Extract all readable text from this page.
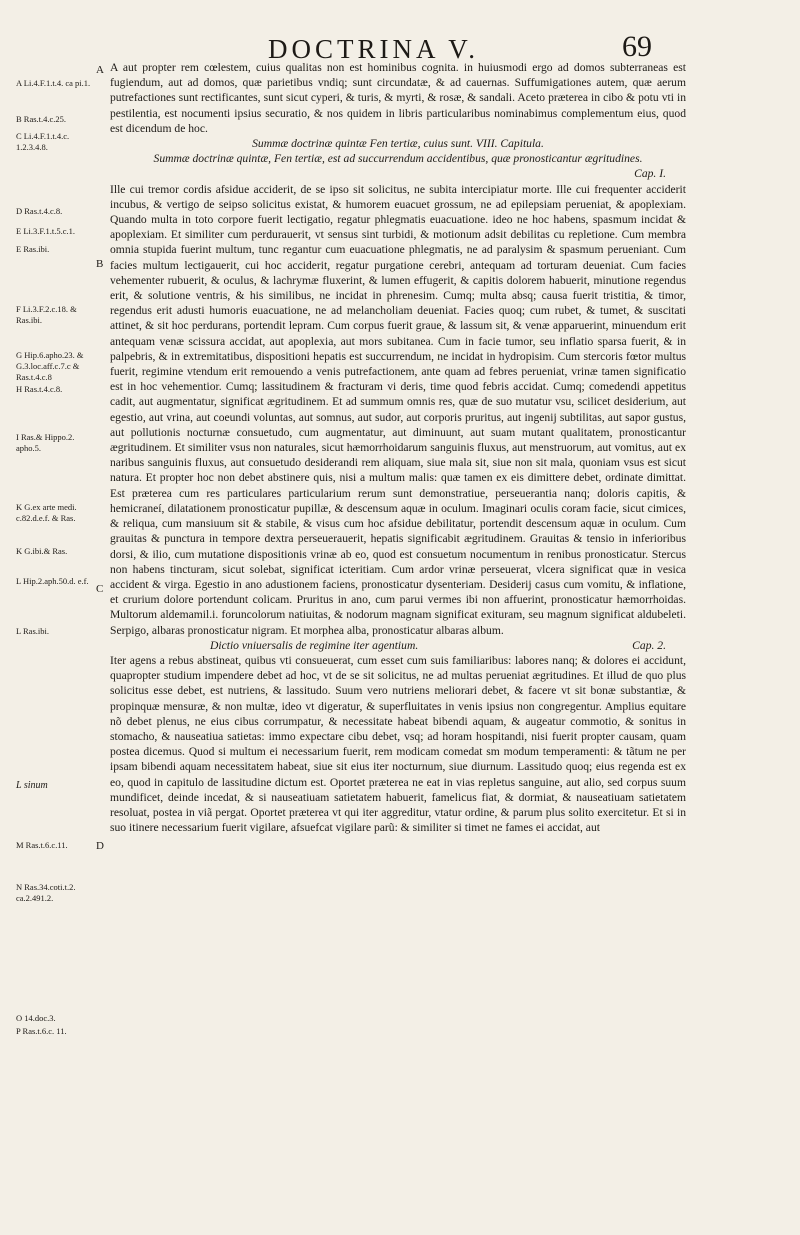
DOCTRINA V.	69
A Li.4.F.1.t.4. ca pi.1.
B Ras.t.4.c.25.
C Li.4.F.1.t.4.c. 1.2.3.4.8.
D Ras.t.4.c.8.
E Li.3.F.1.t.5.c.1.
E Ras.ibi.
F Li.3.F.2.c.18. & Ras.ibi.
G Hip.6.apho.23. & G.3.loc.aff.c.7.c & Ras.t.4.c.8
H Ras.t.4.c.8.
I Ras.& Hippo.2. apho.5.
K G.ex arte medi. c.82.d.e.f. & Ras.
K G.ibi.& Ras.
L Hip.2.aph.50.d. e.f.
L Ras.ibi.
L sinum
M Ras.t.6.c.11.
N Ras.34.coti.t.2. ca.2.491.2.
O 14.doc.3.
P Ras.t.6.c. 11.
A
B
C
D

A aut propter rem cœlestem, cuius qualitas non est hominibus cognita. in huiusmodi ergo ad domos subterraneas est fugiendum, aut ad domos, quæ parietibus vndiq; sunt circundatæ, & ad cauernas. Suffumigationes autem, quæ aerum putrefactiones sunt rectificantes, sunt sicut cyperi, & turis, & myrti, & rosæ, & sandali. Aceto præterea in cibo & potu vti in pestilentia, est nocumenti ipsius securatio, & nos quidem in libris particularibus nominabimus complementum eius, quod est dicendum de hoc.

Summæ doctrinæ quintæ Fen tertiæ, cuius sunt. VIII. Capitula.

Summæ doctrinæ quintæ, Fen tertiæ, est ad succurrendum accidentibus, quæ pronosticantur ægritudines.

Cap. I.

Ille cui tremor cordis afsidue acciderit, de se ipso sit solicitus, ne subita intercipiatur morte. Ille cui frequenter acciderit incubus, & vertigo de seipso solicitus existat, & humorem euacuet grossum, ne ad epilepsiam perueniat, & apoplexiam. Quando multa in toto corpore fuerit lectigatio, regatur phlegmatis euacuatione. ideo ne hoc habens, spasmum incidat & apoplexiam. Et similiter cum perdurauerit, vt sensus sint turbidi, & motionum adsit debilitas cu repletione. Cum membra omnia stupida fuerint multum, tunc regantur cum euacuatione phlegmatis, ne ad paralysim & spasmum perueniant. Cum facies multum lectigauerit, cui hoc acciderit, regatur purgatione cerebri, antequam ad torturam deueniat. Cum facies vehementer rubuerit, & oculus, & lachrymæ fluxerint, & lumen effugerit, & capitis dolorem habuerit, minutione regendus erit, & solutione ventris, & his similibus, ne incidat in phrenesim. Cumq; multa absq; causa fuerit tristitia, & timor, regendus erit adusti humoris euacuatione, ne ad melancholiam deueniat. Facies quoq; cum rubet, & tumet, & suscitati attinet, & sit hoc perdurans, portendit lepram. Cum corpus fuerit graue, & lassum sit, & venæ apparuerint, minuendum erit antequam venæ scissura accidat, aut apoplexia, aut mors subitanea. Cum in facie tumor, seu inflatio sparsa fuerit, & in palpebris, & in extremitatibus, dispositioni hepatis est succurrendum, ne incidat in hydropisim. Cum stercoris fœtor multus fuerit, regimine vtendum erit remouendo a venis putrefactionem, ante quam ad febres perueniat, vrinæ tamen significatio est in hoc vehementior. Cumq; lassitudinem & fracturam vi deris, time quod febris accidat. Cumq; comedendi appetitus cadit, aut augmentatur, significat ægritudinem. Et ad summum omnis res, quæ de suo mutatur vsu, scilicet desiderium, aut egestio, aut vrina, aut coeundi voluntas, aut somnus, aut sudor, aut corporis pruritus, aut ingenij subtilitas, aut sapor gustus, aut pollutionis nocturnæ consuetudo, cum augmentatur, aut diminuunt, aut suam mutant qualitatem, pronosticantur ægritudinem. Et similiter vsus non naturales, sicut hæmorrhoidarum sanguinis fluxus, aut menstruorum, aut vomitus, aut ex naribus sanguinis fluxus, aut consuetudo desiderandi rem aliquam, siue mala sit, siue non sit mala, quoniam vsus est sicut natura. Et propter hoc non debet abstinere quis, nisi a multum malis: quæ tamen ex eis dimittere debet, ordinate dimittat. Est præterea cum res particulares particularium rerum sunt demonstratiue, perseuerantia nanq; doloris capitis, & hemicraneí, dilatationem pronosticatur pupillæ, & descensum aquæ in oculum. Imaginari oculis coram facie, sicut cimices, & reliqua, cum mansiuum sit & stabile, & visus cum hoc afsidue debilitatur, portendit descensum aquæ in oculum. Cum grauitas & punctura in tempore dextra perseuerauerit, hepatis significabit ægritudinem. Grauitas & tensio in inferioribus dorsi, & ilio, cum mutatione dispositionis vrinæ ab eo, quod est consuetum nocumentum in renibus pronosticatur. Stercus non habens tincturam, sicut solebat, significat icteritiam. Cum ardor vrinæ perseuerat, vlcera significat quæ in vesica accident & virga. Egestio in ano adustionem faciens, pronosticatur dysenteriam. Desiderij casus cum vomitu, & inflatione, et crurium dolore portendunt colicam. Pruritus in ano, cum parui vermes ibi non affuerint, pronosticatur hæmorrhoidas. Multorum aldemamil.i. foruncolorum natiuitas, & nodorum magnam significat exituram, seu magnum significat aldubeleti. Serpigo, albaras pronosticatur nigram. Et morphea alba, pronosticatur albaras album.

Dictio vniuersalis de regimine iter agentium.	Cap. 2.

Iter agens a rebus abstineat, quibus vti consueuerat, cum esset cum suis familiaribus: labores nanq; & dolores ei accidunt, quapropter studium impendere debet ad hoc, vt de se sit solicitus, ne ad multas perueniat ægritudines. Et illud de quo plus solicitus esse debet, est nutriens, & lassitudo. Suum vero nutriens meliorari debet, & facere vt sit bonæ substantiæ, & propinquæ mensuræ, & non multæ, ideo vt digeratur, & superfluitates in venis ipsius non congregentur. Amplius equitare nõ debet plenus, ne eius cibus corrumpatur, & necessitate habeat bibendi aquam, & augeatur commotio, & sonitus in stomacho, & nauseatiua satietas: immo expectare cibu debet, vsq; ad horam hospitandi, nisi fuerit propter causam, quam postea dicemus. Quod si multum ei necessarium fuerit, rem modicam comedat sm modum temperamenti: & tãtum ne per ipsam bibendi aquam necessitatem habeat, siue sit eius iter nocturnum, siue diurnum. Lassitudo quoq; eius regenda est ex eo, quod in capitulo de lassitudine dictum est. Oportet præterea ne eat in vias repletus sanguine, aut alio, sed corpus suum mundificet, deinde incedat, & si nauseatiuam satietatem habuerit, famelicus fiat, & dormiat, & nauseatiuam satietatem resoluat, postea in viã pergat. Oportet præterea vt qui iter aggreditur, vtatur ordine, & parum plus solito exercitetur. Et si in suo itinere necessarium fuerit vigilare, afsuefcat vigilare parũ: & similiter si timet ne fames ei accidat, aut
